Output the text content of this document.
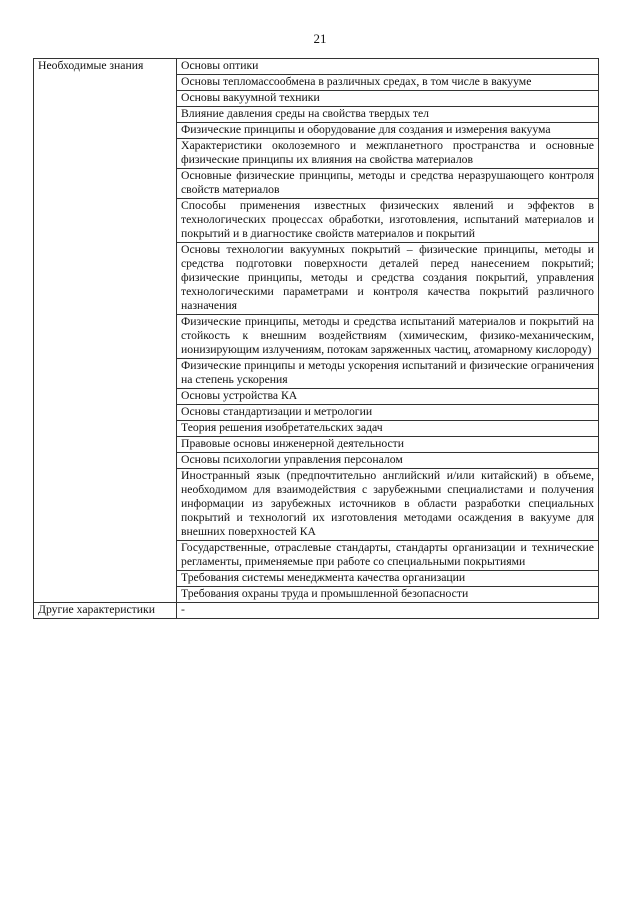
21
Необходимые знания	Основы оптики
	Основы тепломассообмена в различных средах, в том числе в вакууме
	Основы вакуумной техники
	Влияние давления среды на свойства твердых тел
	Физические принципы и оборудование для создания и измерения вакуума
	Характеристики околоземного и межпланетного пространства и основные физические принципы их влияния на свойства материалов
	Основные физические принципы, методы и средства неразрушающего контроля свойств материалов
	Способы применения известных физических явлений и эффектов в технологических процессах обработки, изготовления, испытаний материалов и покрытий и в диагностике свойств материалов и покрытий
	Основы технологии вакуумных покрытий – физические принципы, методы и средства подготовки поверхности деталей перед нанесением покрытий; физические принципы, методы и средства создания покрытий, управления технологическими параметрами и контроля качества покрытий различного назначения
	Физические принципы, методы и средства испытаний материалов и покрытий на стойкость к внешним воздействиям (химическим, физико-механическим, ионизирующим излучениям, потокам заряженных частиц, атомарному кислороду)
	Физические принципы и методы ускорения испытаний и физические ограничения на степень ускорения
	Основы устройства КА
	Основы стандартизации и метрологии
	Теория решения изобретательских задач
	Правовые основы инженерной деятельности
	Основы психологии управления персоналом
	Иностранный язык (предпочтительно английский и/или китайский) в объеме, необходимом для взаимодействия с зарубежными специалистами и получения информации из зарубежных источников в области разработки специальных покрытий и технологий их изготовления методами осаждения в вакууме для внешних поверхностей КА
	Государственные, отраслевые стандарты, стандарты организации и технические регламенты, применяемые при работе со специальными покрытиями
	Требования системы менеджмента качества организации
	Требования охраны труда и промышленной безопасности
Другие характеристики	-
